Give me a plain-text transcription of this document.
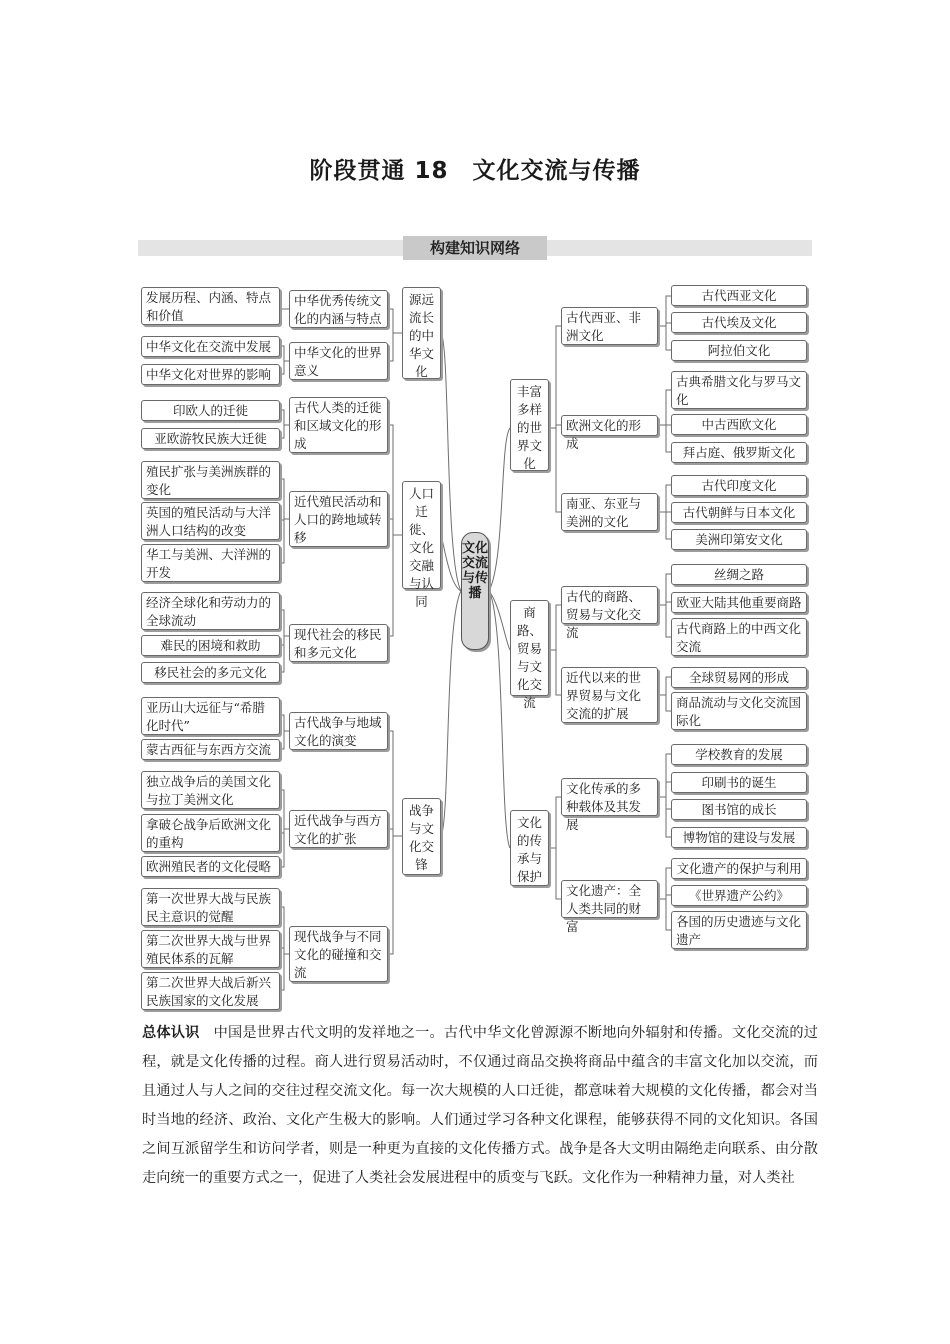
阶段贯通 18　文化交流与传播
构建知识网络
文化交流与传播
源远流长的中华文化
人口迁徙、文化交融与认同
战争与文化交锋
中华优秀传统文化的内涵与特点
中华文化的世界意义
古代人类的迁徙和区域文化的形成
近代殖民活动和人口的跨地域转移
现代社会的移民和多元文化
古代战争与地域文化的演变
近代战争与西方文化的扩张
现代战争与不同文化的碰撞和交流
发展历程、内涵、特点和价值
中华文化在交流中发展
中华文化对世界的影响
印欧人的迁徙
亚欧游牧民族大迁徙
殖民扩张与美洲族群的变化
英国的殖民活动与大洋洲人口结构的改变
华工与美洲、大洋洲的开发
经济全球化和劳动力的全球流动
难民的困境和救助
移民社会的多元文化
亚历山大远征与“希腊化时代”
蒙古西征与东西方交流
独立战争后的美国文化与拉丁美洲文化
拿破仑战争后欧洲文化的重构
欧洲殖民者的文化侵略
第一次世界大战与民族民主意识的觉醒
第二次世界大战与世界殖民体系的瓦解
第二次世界大战后新兴民族国家的文化发展
丰富多样的世界文化
商路、贸易与文化交流
文化的传承与保护
古代西亚、非洲文化
欧洲文化的形成
南亚、东亚与美洲的文化
古代的商路、贸易与文化交流
近代以来的世界贸易与文化交流的扩展
文化传承的多种载体及其发展
文化遗产：全人类共同的财富
古代西亚文化
古代埃及文化
阿拉伯文化
古典希腊文化与罗马文化
中古西欧文化
拜占庭、俄罗斯文化
古代印度文化
古代朝鲜与日本文化
美洲印第安文化
丝绸之路
欧亚大陆其他重要商路
古代商路上的中西文化交流
全球贸易网的形成
商品流动与文化交流国际化
学校教育的发展
印刷书的诞生
图书馆的成长
博物馆的建设与发展
文化遗产的保护与利用
《世界遗产公约》
各国的历史遗迹与文化遗产
总体认识 中国是世界古代文明的发祥地之一。古代中华文化曾源源不断地向外辐射和传播。文化交流的过程，就是文化传播的过程。商人进行贸易活动时，不仅通过商品交换将商品中蕴含的丰富文化加以交流，而且通过人与人之间的交往过程交流文化。每一次大规模的人口迁徙，都意味着大规模的文化传播，都会对当时当地的经济、政治、文化产生极大的影响。人们通过学习各种文化课程，能够获得不同的文化知识。各国之间互派留学生和访问学者，则是一种更为直接的文化传播方式。战争是各大文明由隔绝走向联系、由分散走向统一的重要方式之一，促进了人类社会发展进程中的质变与飞跃。文化作为一种精神力量，对人类社
